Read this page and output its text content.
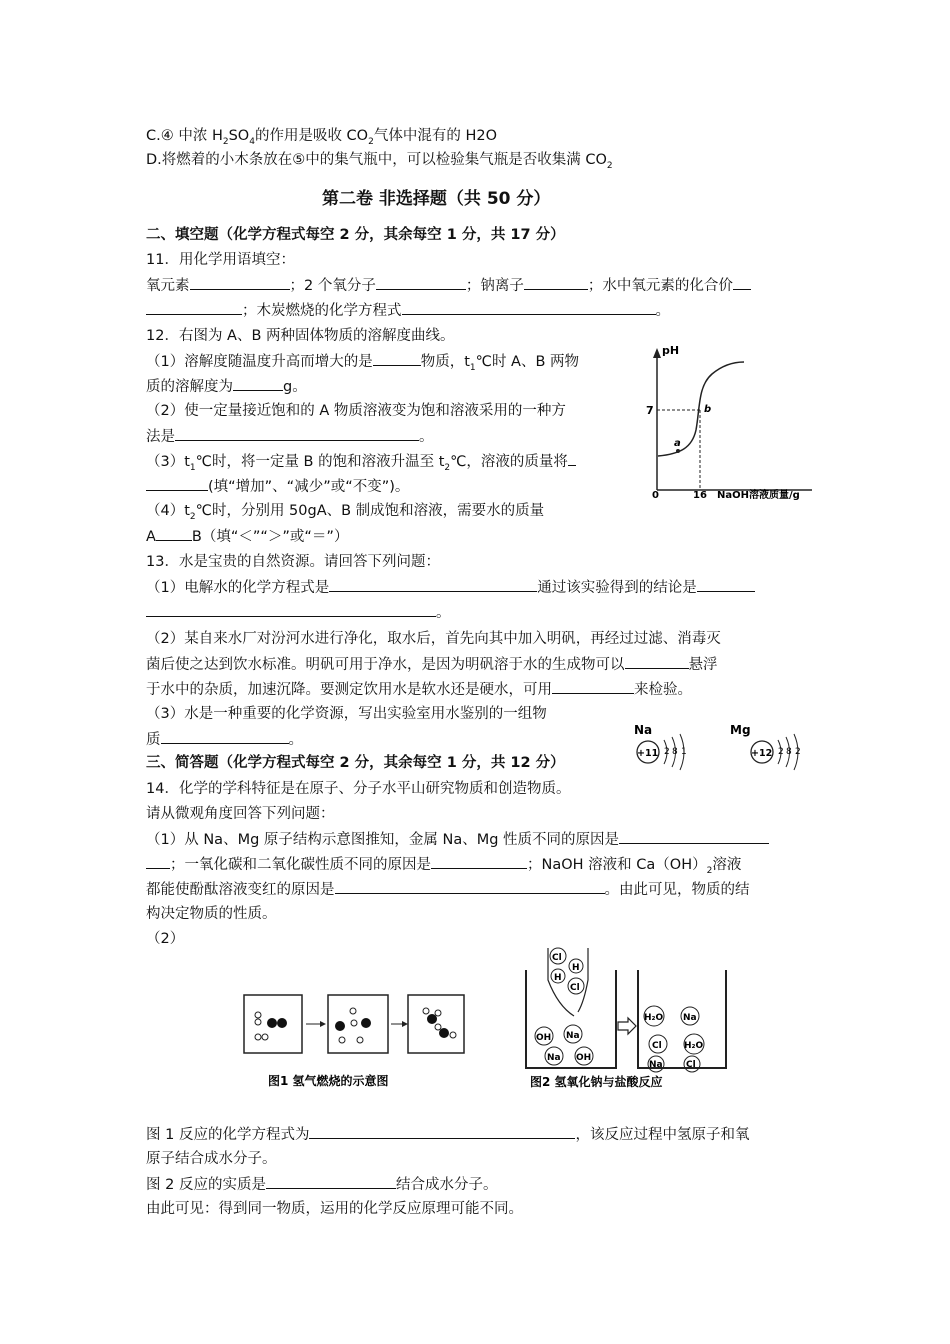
C.④ 中浓 $H_2SO_4$的作用是吸收 $CO_2$气体中混有的 H2O
D.将燃着的小木条放在⑤中的集气瓶中，可以检验集气瓶是否收集满 $CO_2$
第二卷 非选择题（共 50 分）
二、填空题（化学方程式每空 2 分，其余每空 1 分，共 17 分）
11．用化学用语填空：
氧元素	；2 个氧分子	；钠离子	；水中氧元素的化合价
；木炭燃烧的化学方程式	。
12．右图为 A、B 两种固体物质的溶解度曲线。
（1）溶解度随温度升高而增大的是	物质，$t_1℃$时 A、B 两物
质的溶解度为	g。
（2）使一定量接近饱和的 A 物质溶液变为饱和溶液采用的一种方
法是	。
$(3)t_1℃$时，将一定量 B 的饱和溶液升温至 $t_2℃$，溶液的质量将
(填“增加”、“减少”或“不变”)。
$(4)t_2℃$时，分别用 50gA、B 制成饱和溶液，需要水的质量
A B（填“＜”“＞”或“＝”）
13．水是宝贵的自然资源。请回答下列问题：
（1）电解水的化学方程式是	通过该实验得到的结论是
。
（2）某自来水厂对汾河水进行净化，取水后，首先向其中加入明矾，再经过过滤、消毒灭
菌后使之达到饮水标准。明矾可用于净水，是因为明矾溶于水的生成物可以	悬浮
于水中的杂质，加速沉降。要测定饮用水是软水还是硬水，可用	来检验。
（3）水是一种重要的化学资源，写出实验室用水鉴别的一组物
质	。
三、简答题（化学方程式每空 2 分，其余每空 1 分，共 12 分）
14．化学的学科特征是在原子、分子水平山研究物质和创造物质。
请从微观角度回答下列问题：
（1）从 Na、Mg 原子结构示意图推知，金属 Na、Mg 性质不同的原因是
；一氧化碳和二氧化碳性质不同的原因是	；NaOH 溶液和 $Ca(OH)_2$溶液
都能使酚酞溶液变红的原因是	。由此可见，物质的结
构决定物质的性质。
（2）
图 1 反应的化学方程式为	，该反应过程中氢原子和氧
原子结合成水分子。
图 2 反应的实质是	结合成水分子。
由此可见：得到同一物质，运用的化学反应原理可能不同。
pH
7
a
b
0	16 NaOH溶液质量/g
Na
+11 2 8 1
Mg
+12 2 8 2
图1 氢气燃烧的示意图
Cl
H
H
Cl
OH Na
Na OH
H₂O Na
Cl H₂O
Na	Cl
图2 氢氧化钠与盐酸反应
